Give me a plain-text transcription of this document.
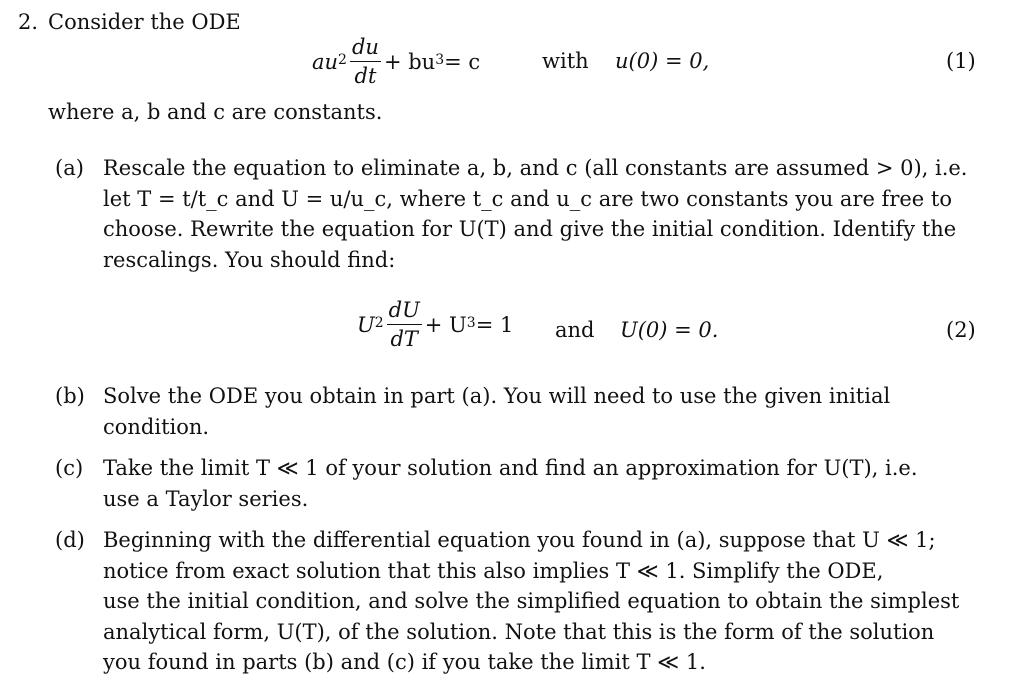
2. Consider the ODE
$au^2 \frac{du}{dt} + bu^3 = c$	with u(0) = 0,	(1)
where a, b and c are constants.
(a) Rescale the equation to eliminate a, b, and c (all constants are assumed > 0), i.e.
let T = t/t_c and U = u/u_c, where t_c and u_c are two constants you are free to
choose. Rewrite the equation for U(T) and give the initial condition. Identify the
rescalings. You should find:
$U^2 \frac{dU}{dT} + U^3 = 1$ and U(0) = 0.	(2)
(b) Solve the ODE you obtain in part (a). You will need to use the given initial
condition.
(c) Take the limit T ≪ 1 of your solution and find an approximation for U(T), i.e.
use a Taylor series.
(d) Beginning with the differential equation you found in (a), suppose that U ≪ 1;
notice from exact solution that this also implies T ≪ 1. Simplify the ODE,
use the initial condition, and solve the simplified equation to obtain the simplest
analytical form, U(T), of the solution. Note that this is the form of the solution
you found in parts (b) and (c) if you take the limit T ≪ 1.
